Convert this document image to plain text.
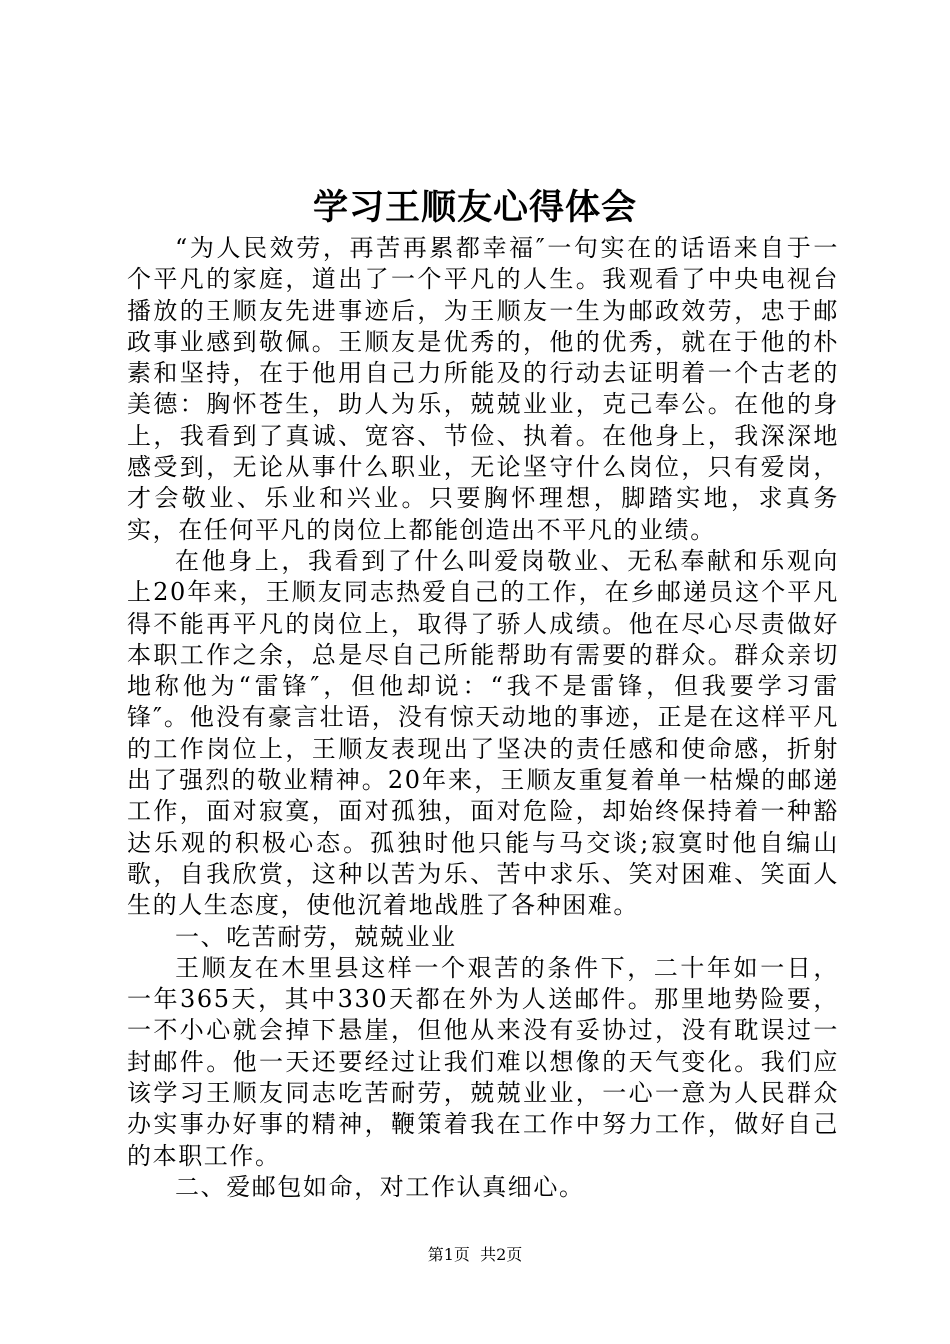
学习王顺友心得体会

“为人民效劳，再苦再累都幸福″一句实在的话语来自于一个平凡的家庭，道出了一个平凡的人生。我观看了中央电视台播放的王顺友先进事迹后，为王顺友一生为邮政效劳，忠于邮政事业感到敬佩。王顺友是优秀的，他的优秀，就在于他的朴素和坚持，在于他用自己力所能及的行动去证明着一个古老的美德：胸怀苍生，助人为乐，兢兢业业，克己奉公。在他的身上，我看到了真诚、宽容、节俭、执着。在他身上，我深深地感受到，无论从事什么职业，无论坚守什么岗位，只有爱岗，才会敬业、乐业和兴业。只要胸怀理想，脚踏实地，求真务实，在任何平凡的岗位上都能创造出不平凡的业绩。

在他身上，我看到了什么叫爱岗敬业、无私奉献和乐观向上20年来，王顺友同志热爱自己的工作，在乡邮递员这个平凡得不能再平凡的岗位上，取得了骄人成绩。他在尽心尽责做好本职工作之余，总是尽自己所能帮助有需要的群众。群众亲切地称他为“雷锋″，但他却说：“我不是雷锋，但我要学习雷锋″。他没有豪言壮语，没有惊天动地的事迹，正是在这样平凡的工作岗位上，王顺友表现出了坚决的责任感和使命感，折射出了强烈的敬业精神。20年来，王顺友重复着单一枯燥的邮递工作，面对寂寞，面对孤独，面对危险，却始终保持着一种豁达乐观的积极心态。孤独时他只能与马交谈;寂寞时他自编山歌，自我欣赏，这种以苦为乐、苦中求乐、笑对困难、笑面人生的人生态度，使他沉着地战胜了各种困难。

一、吃苦耐劳，兢兢业业

王顺友在木里县这样一个艰苦的条件下，二十年如一日，一年365天，其中330天都在外为人送邮件。那里地势险要，一不小心就会掉下悬崖，但他从来没有妥协过，没有耽误过一封邮件。他一天还要经过让我们难以想像的天气变化。我们应该学习王顺友同志吃苦耐劳，兢兢业业，一心一意为人民群众办实事办好事的精神，鞭策着我在工作中努力工作，做好自己的本职工作。

二、爱邮包如命，对工作认真细心。

第1页 共2页
